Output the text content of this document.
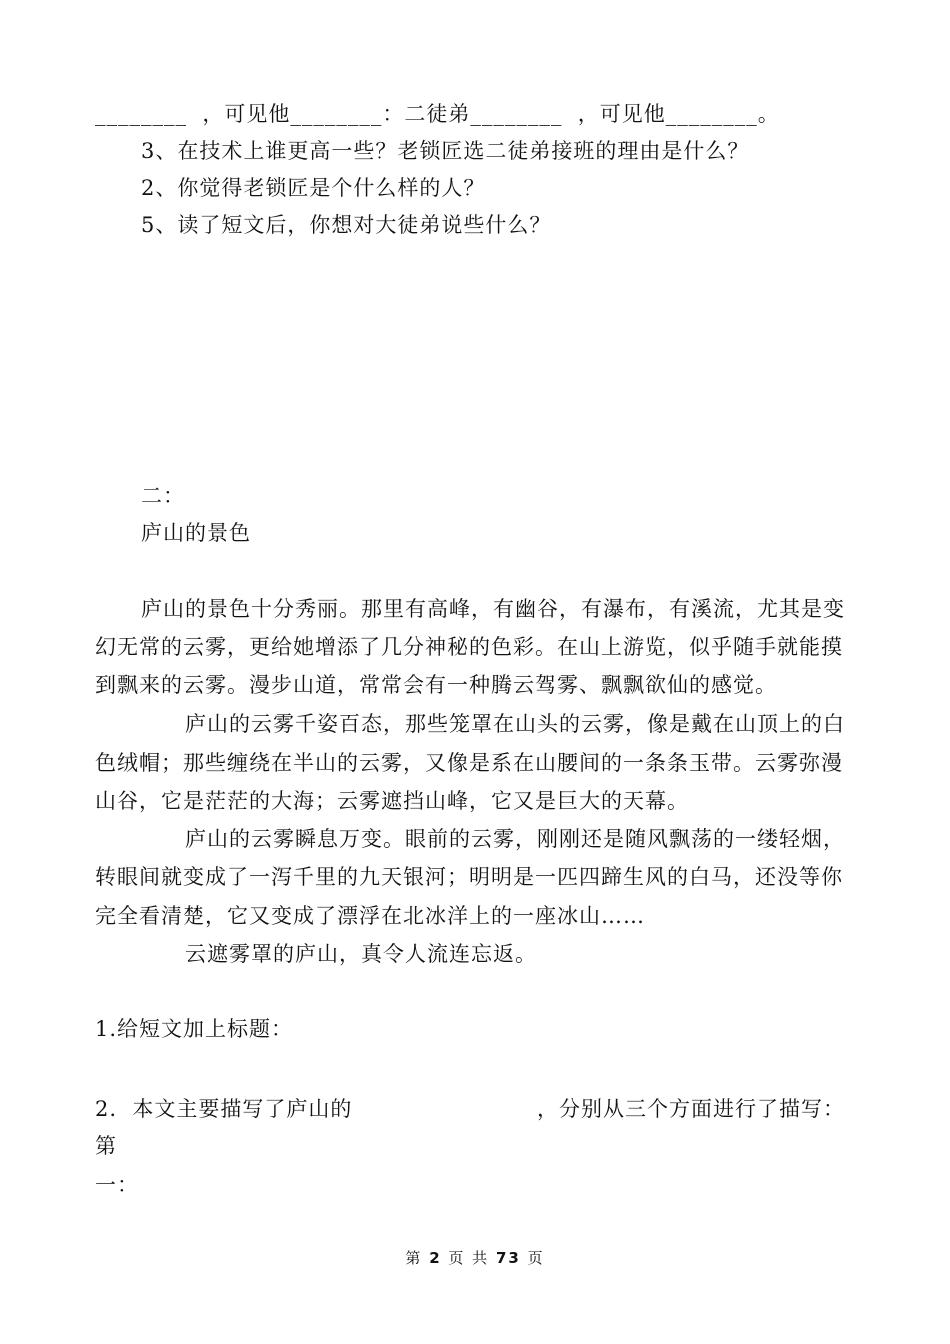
________  ，可见他________：二徒弟________  ，可见他________。
3、在技术上谁更高一些？老锁匠选二徒弟接班的理由是什么？
2、你觉得老锁匠是个什么样的人？
5、读了短文后，你想对大徒弟说些什么？
二：
庐山的景色
庐山的景色十分秀丽。那里有高峰，有幽谷，有瀑布，有溪流，尤其是变
幻无常的云雾，更给她增添了几分神秘的色彩。在山上游览，似乎随手就能摸
到飘来的云雾。漫步山道，常常会有一种腾云驾雾、飘飘欲仙的感觉。
庐山的云雾千姿百态，那些笼罩在山头的云雾，像是戴在山顶上的白
色绒帽；那些缠绕在半山的云雾，又像是系在山腰间的一条条玉带。云雾弥漫
山谷，它是茫茫的大海；云雾遮挡山峰，它又是巨大的天幕。
庐山的云雾瞬息万变。眼前的云雾，刚刚还是随风飘荡的一缕轻烟，
转眼间就变成了一泻千里的九天银河；明明是一匹四蹄生风的白马，还没等你
完全看清楚，它又变成了漂浮在北冰洋上的一座冰山……
云遮雾罩的庐山，真令人流连忘返。
1.给短文加上标题：
2.  本文主要描写了庐山的	，分别从三个方面进行了描写：
第
一：
第 2 页 共 73 页
